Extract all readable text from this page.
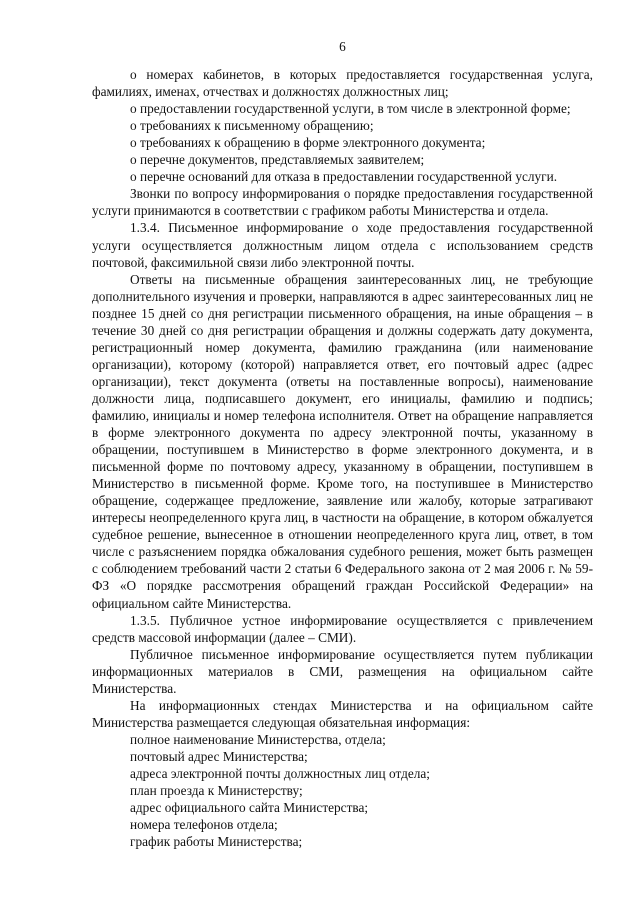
6

о номерах кабинетов, в которых предоставляется государственная услуга, фамилиях, именах, отчествах и должностях должностных лиц;

о предоставлении государственной услуги, в том числе в электронной форме;

о требованиях к письменному обращению;

о требованиях к обращению в форме электронного документа;

о перечне документов, представляемых заявителем;

о перечне оснований для отказа в предоставлении государственной услуги.

Звонки по вопросу информирования о порядке предоставления государственной услуги принимаются в соответствии с графиком работы Министерства и отдела.

1.3.4. Письменное информирование о ходе предоставления государственной услуги осуществляется должностным лицом отдела с использованием средств почтовой, факсимильной связи либо электронной почты.

Ответы на письменные обращения заинтересованных лиц, не требующие дополнительного изучения и проверки, направляются в адрес заинтересованных лиц не позднее 15 дней со дня регистрации письменного обращения, на иные обращения – в течение 30 дней со дня регистрации обращения и должны содержать дату документа, регистрационный номер документа, фамилию гражданина (или наименование организации), которому (которой) направляется ответ, его почтовый адрес (адрес организации), текст документа (ответы на поставленные вопросы), наименование должности лица, подписавшего документ, его инициалы, фамилию и подпись; фамилию, инициалы и номер телефона исполнителя. Ответ на обращение направляется в форме электронного документа по адресу электронной почты, указанному в обращении, поступившем в Министерство в форме электронного документа, и в письменной форме по почтовому адресу, указанному в обращении, поступившем в Министерство в письменной форме. Кроме того, на поступившее в Министерство обращение, содержащее предложение, заявление или жалобу, которые затрагивают интересы неопределенного круга лиц, в частности на обращение, в котором обжалуется судебное решение, вынесенное в отношении неопределенного круга лиц, ответ, в том числе с разъяснением порядка обжалования судебного решения, может быть размещен с соблюдением требований части 2 статьи 6 Федерального закона от 2 мая 2006 г. № 59-ФЗ «О порядке рассмотрения обращений граждан Российской Федерации» на официальном сайте Министерства.

1.3.5. Публичное устное информирование осуществляется с привлечением средств массовой информации (далее – СМИ).

Публичное письменное информирование осуществляется путем публикации информационных материалов в СМИ, размещения на официальном сайте Министерства.

На информационных стендах Министерства и на официальном сайте Министерства размещается следующая обязательная информация:

полное наименование Министерства, отдела;

почтовый адрес Министерства;

адреса электронной почты должностных лиц отдела;

план проезда к Министерству;

адрес официального сайта Министерства;

номера телефонов отдела;

график работы Министерства;
